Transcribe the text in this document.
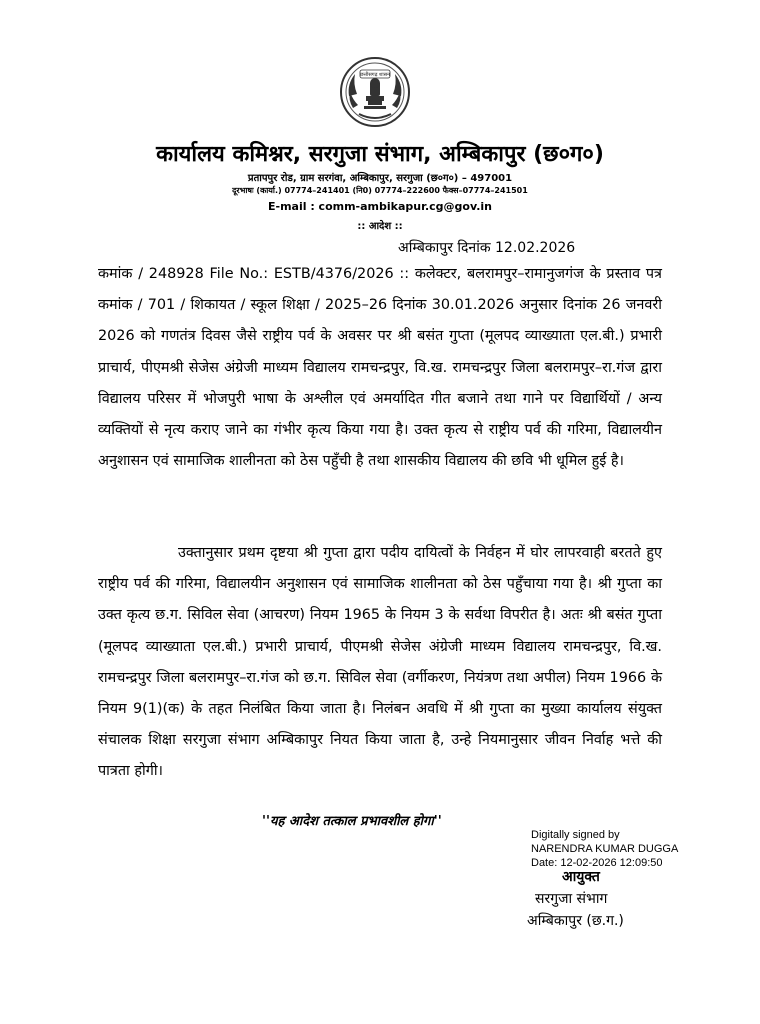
छत्तीसगढ़ शासन
कार्यालय कमिश्नर, सरगुजा संभाग, अम्बिकापुर (छ०ग०)
प्रतापपुर रोड, ग्राम सरगंवा, अम्बिकापुर, सरगुजा (छ०ग०) – 497001
दूरभाषः (कार्या.) 07774–241401 (नि0) 07774–222600 फैक्स–07774–241501
E-mail : comm-ambikapur.cg@gov.in
:: आदेश ::
अम्बिकापुर दिनांक 12.02.2026
कमांक / 248928 File No.: ESTB/4376/2026 :: कलेक्टर, बलरामपुर–रामानुजगंज के प्रस्ताव पत्र कमांक / 701 / शिकायत / स्कूल शिक्षा / 2025–26 दिनांक 30.01.2026 अनुसार दिनांक 26 जनवरी 2026 को गणतंत्र दिवस जैसे राष्ट्रीय पर्व के अवसर पर श्री बसंत गुप्ता (मूलपद व्याख्याता एल.बी.) प्रभारी प्राचार्य, पीएमश्री सेजेस अंग्रेजी माध्यम विद्यालय रामचन्द्रपुर, वि.ख. रामचन्द्रपुर जिला बलरामपुर–रा.गंज द्वारा विद्यालय परिसर में भोजपुरी भाषा के अश्लील एवं अमर्यादित गीत बजाने तथा गाने पर विद्यार्थियों / अन्य व्यक्तियों से नृत्य कराए जाने का गंभीर कृत्य किया गया है। उक्त कृत्य से राष्ट्रीय पर्व की गरिमा, विद्यालयीन अनुशासन एवं सामाजिक शालीनता को ठेस पहुँची है तथा शासकीय विद्यालय की छवि भी धूमिल हुई है।
उक्तानुसार प्रथम दृष्टया श्री गुप्ता द्वारा पदीय दायित्वों के निर्वहन में घोर लापरवाही बरतते हुए राष्ट्रीय पर्व की गरिमा, विद्यालयीन अनुशासन एवं सामाजिक शालीनता को ठेस पहुँचाया गया है। श्री गुप्ता का उक्त कृत्य छ.ग. सिविल सेवा (आचरण) नियम 1965 के नियम 3 के सर्वथा विपरीत है। अतः श्री बसंत गुप्ता (मूलपद व्याख्याता एल.बी.) प्रभारी प्राचार्य, पीएमश्री सेजेस अंग्रेजी माध्यम विद्यालय रामचन्द्रपुर, वि.ख. रामचन्द्रपुर जिला बलरामपुर–रा.गंज को छ.ग. सिविल सेवा (वर्गीकरण, नियंत्रण तथा अपील) नियम 1966 के नियम 9(1)(क) के तहत निलंबित किया जाता है। निलंबन अवधि में श्री गुप्ता का मुख्या कार्यालय संयुक्त संचालक शिक्षा सरगुजा संभाग अम्बिकापुर नियत किया जाता है, उन्हे नियमानुसार जीवन निर्वाह भत्ते की पात्रता होगी।
''यह आदेश तत्काल प्रभावशील होगा''
Digitally signed by
NARENDRA KUMAR DUGGA
Date: 12-02-2026 12:09:50
आयुक्त
सरगुजा संभाग
अम्बिकापुर (छ.ग.)
